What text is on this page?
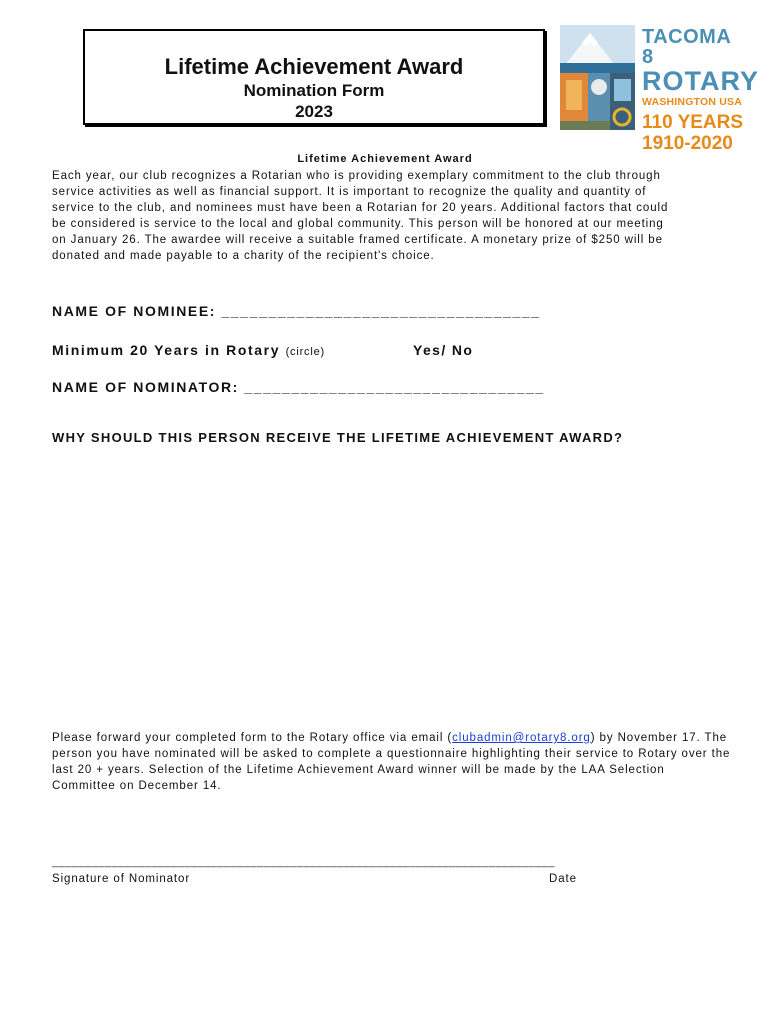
Lifetime Achievement Award
Nomination Form
2023
TACOMA 8
ROTARY
WASHINGTON USA
110 YEARS
1910-2020
Lifetime Achievement Award
Each year, our club recognizes a Rotarian who is providing exemplary commitment to the club through service activities as well as financial support. It is important to recognize the quality and quantity of service to the club, and nominees must have been a Rotarian for 20 years. Additional factors that could be considered is service to the local and global community. This person will be honored at our meeting on January 26. The awardee will receive a suitable framed certificate. A monetary prize of $250 will be donated and made payable to a charity of the recipient's choice.
NAME OF NOMINEE: __________________________________
Minimum 20 Years in Rotary (circle)	Yes/ No
NAME OF NOMINATOR: ________________________________
WHY SHOULD THIS PERSON RECEIVE THE LIFETIME ACHIEVEMENT AWARD?
Please forward your completed form to the Rotary office via email (clubadmin@rotary8.org) by November 17. The person you have nominated will be asked to complete a questionnaire highlighting their service to Rotary over the last 20 + years. Selection of the Lifetime Achievement Award winner will be made by the LAA Selection Committee on December 14.
____________________________________________________________________________
Signature of Nominator	Date
